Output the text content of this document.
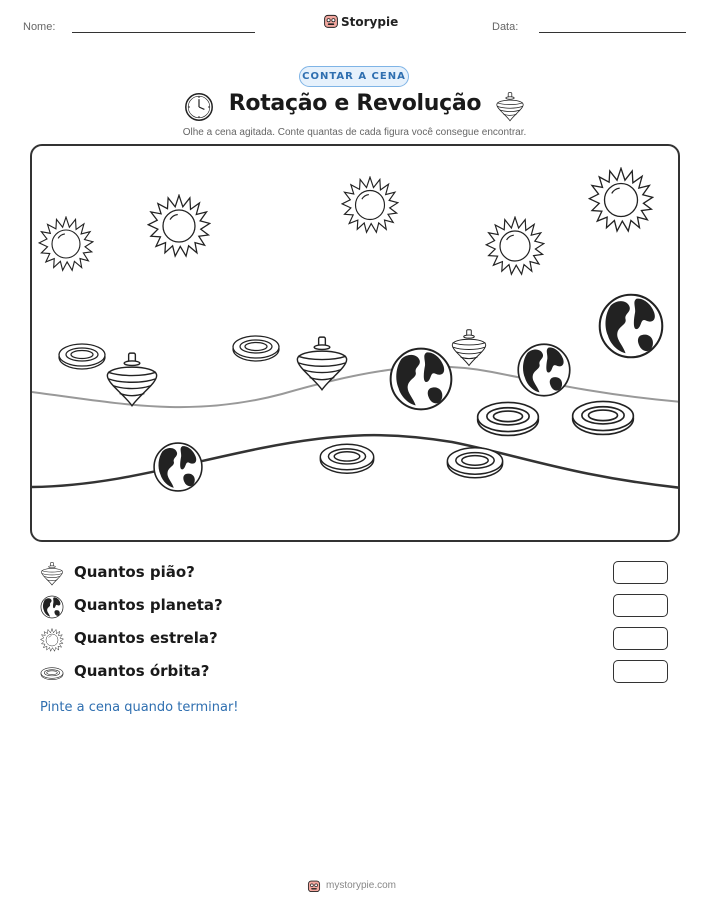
Nome:	Storypie	Data:
CONTAR A CENA
Rotação e Revolução
Olhe a cena agitada. Conte quantas de cada figura você consegue encontrar.
Quantos pião?
Quantos planeta?
Quantos estrela?
Quantos órbita?
Pinte a cena quando terminar!
mystorypie.com
